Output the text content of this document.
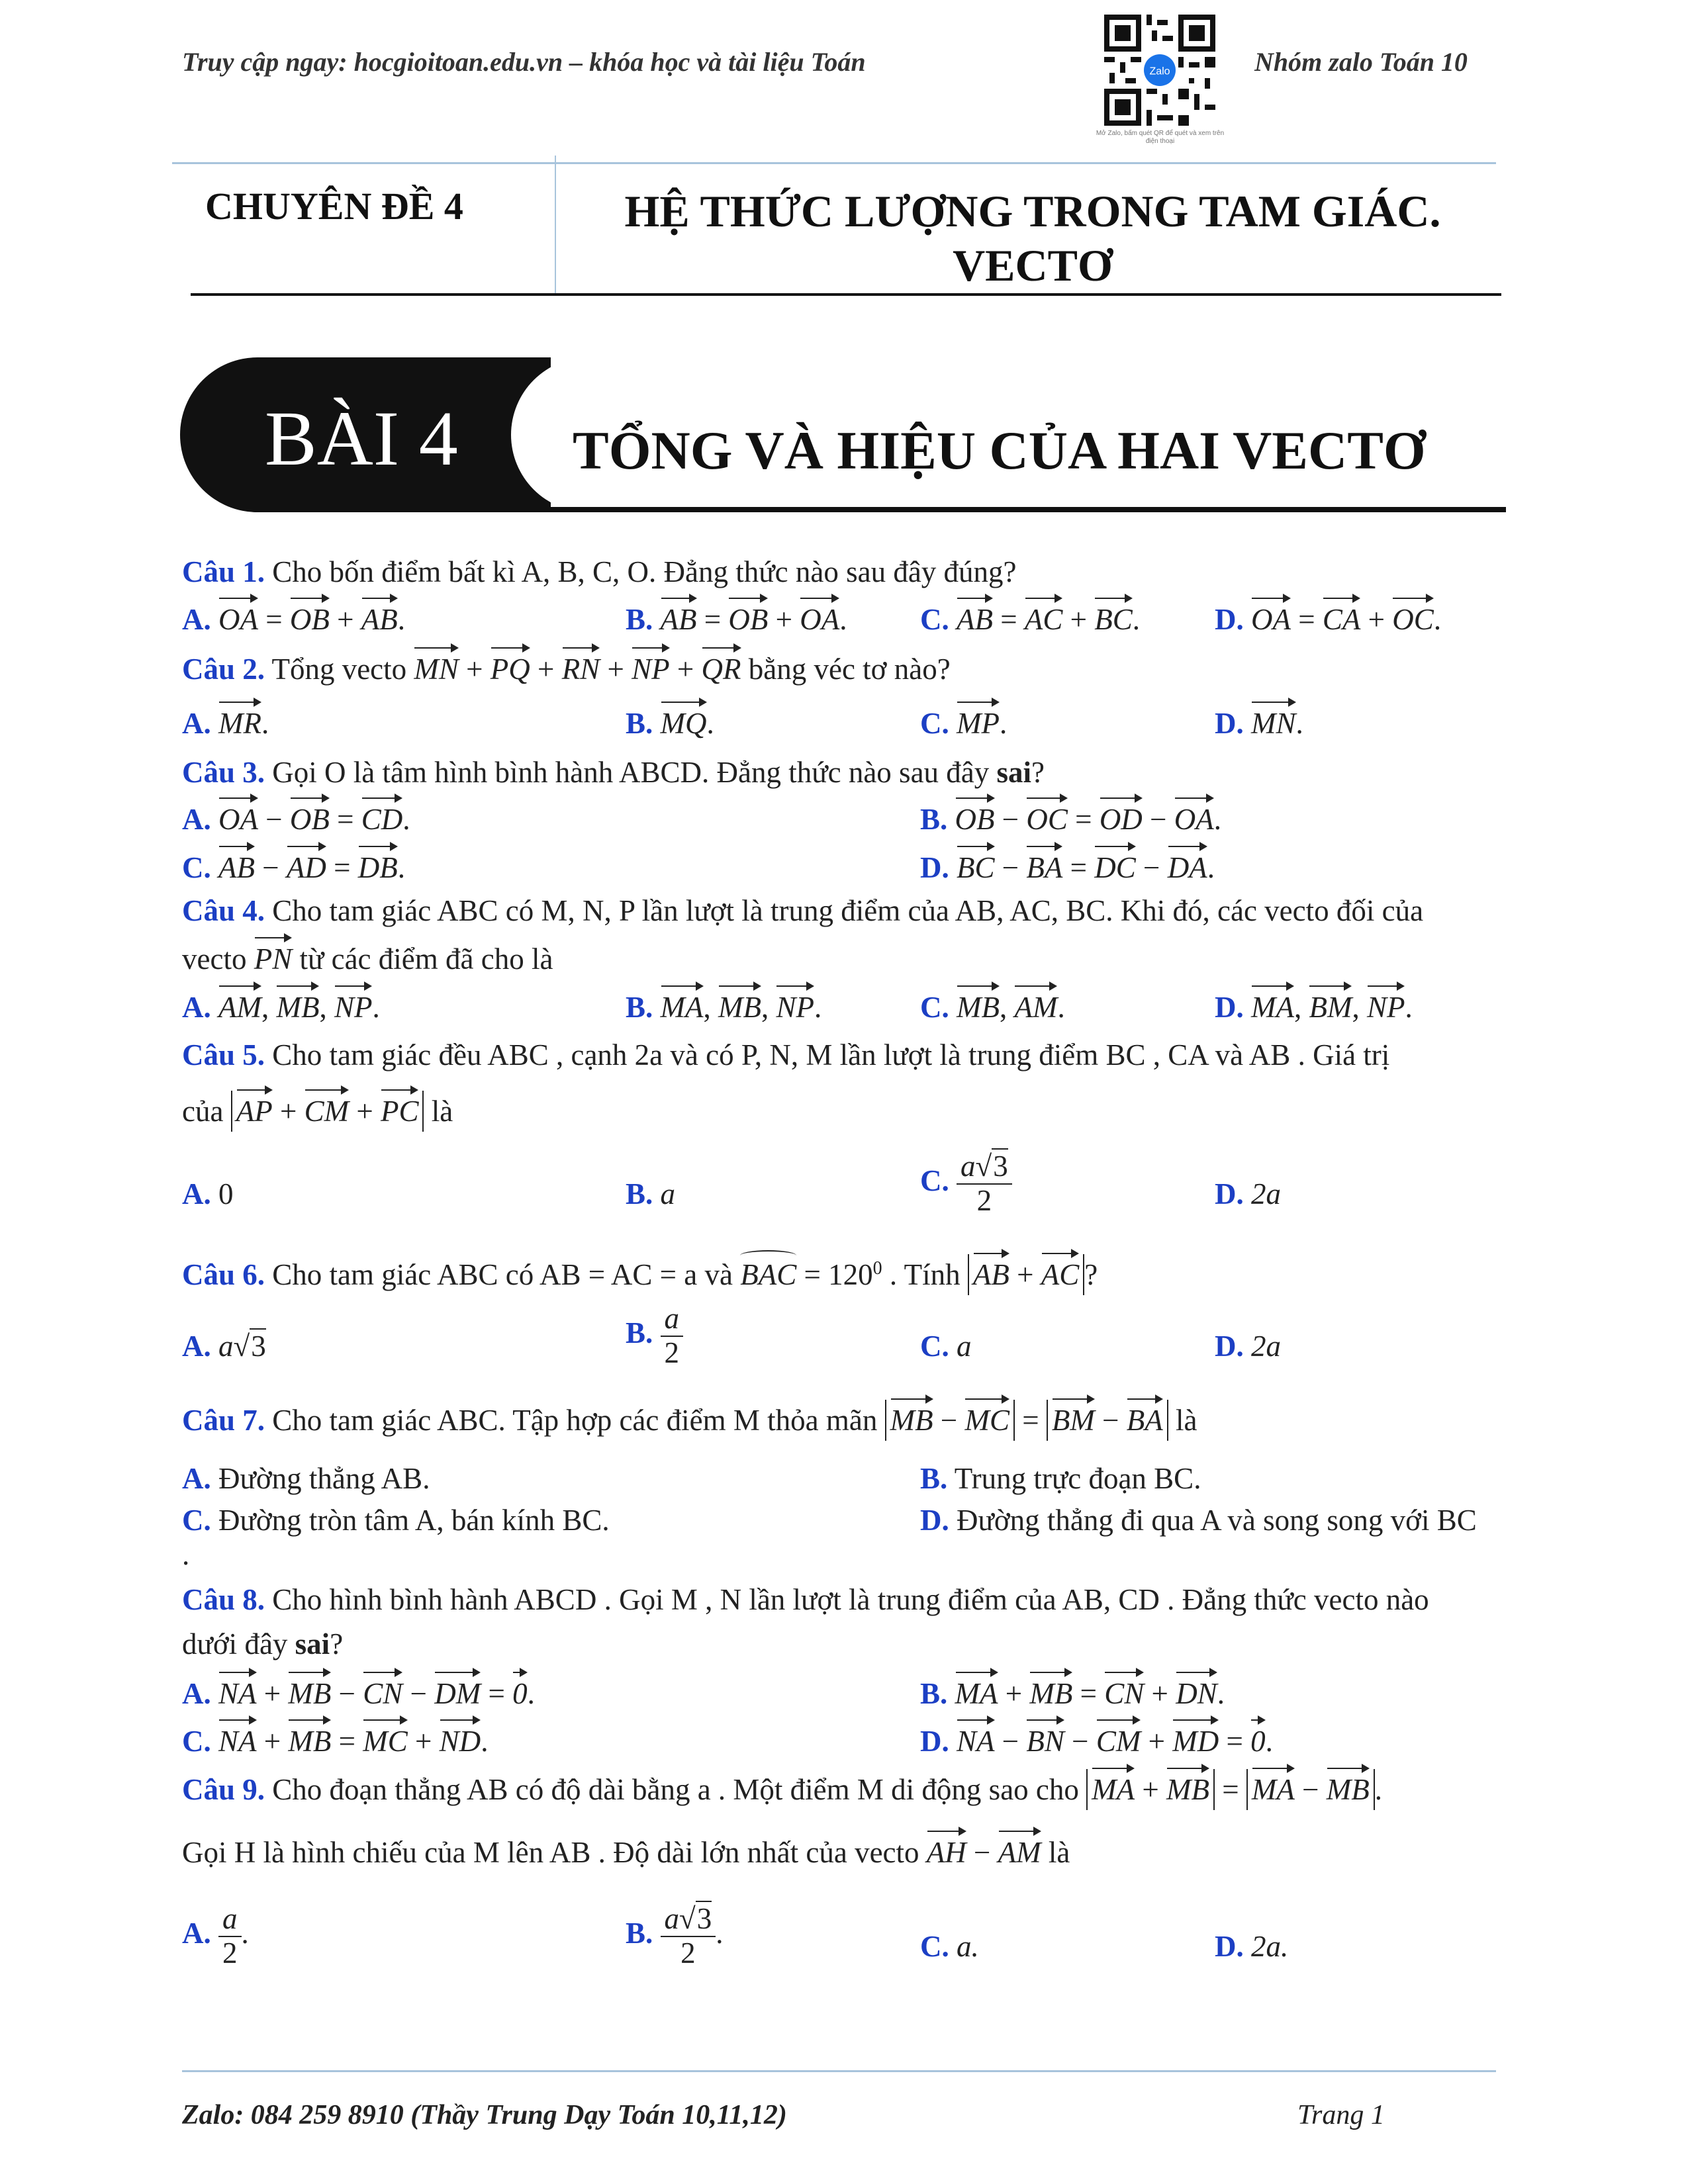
Truy cập ngay: hocgioitoan.edu.vn – khóa học và tài liệu Toán	Zalo
Mở Zalo, bấm quét QR để quét và xem trên điện thoại
Nhóm zalo Toán 10
CHUYÊN ĐỀ 4	HỆ THỨC LƯỢNG TRONG TAM GIÁC.
VECTƠ
BÀI 4 TỔNG VÀ HIỆU CỦA HAI VECTƠ
Câu 1. Cho bốn điểm bất kì A, B, C, O. Đẳng thức nào sau đây đúng?
A. OA = OB + AB.	B. AB = OB + OA. C. AB = AC + BC.	D. OA = CA + OC.
Câu 2. Tổng vecto MN + PQ + RN + NP + QR bằng véc tơ nào?
A. MR.	B. MQ.	C. MP.	D. MN.
Câu 3. Gọi O là tâm hình bình hành ABCD. Đẳng thức nào sau đây sai?
A. OA − OB = CD.	B. OB − OC = OD − OA.
C. AB − AD = DB.	D. BC − BA = DC − DA.
Câu 4. Cho tam giác ABC có M, N, P lần lượt là trung điểm của AB, AC, BC. Khi đó, các vecto đối của
vecto PN từ các điểm đã cho là
A. AM, MB, NP.	B. MA, MB, NP.	C. MB, AM.	D. MA, BM, NP.
Câu 5. Cho tam giác đều ABC , cạnh 2a và có P, N, M lần lượt là trung điểm BC , CA và AB . Giá trị
của AP + CM + PC là
A. 0	B. a	C. $\frac{a√3}{2}$	D. 2a
Câu 6. Cho tam giác ABC có AB = AC = a và BAC = $120^0$ . Tính AB + AC ?
A. a√3	B. $\frac{a}{2}$	C. a	D. 2a
Câu 7. Cho tam giác ABC. Tập hợp các điểm M thỏa mãn MB − MC = BM − BA là
A. Đường thẳng AB.	B. Trung trực đoạn BC.
C. Đường tròn tâm A, bán kính BC.	D. Đường thẳng đi qua A và song song với BC
.
Câu 8. Cho hình bình hành ABCD . Gọi M , N lần lượt là trung điểm của AB, CD . Đẳng thức vecto nào
dưới đây sai?
A. NA + MB − CN − DM = 0.	B. MA + MB = CN + DN.
C. NA + MB = MC + ND.	D. NA − BN − CM + MD = 0.
Câu 9. Cho đoạn thẳng AB có độ dài bằng a . Một điểm M di động sao cho MA + MB = MA − MB .
Gọi H là hình chiếu của M lên AB . Độ dài lớn nhất của vecto AH − AM là
A. $\frac{a}{2}$ .	B. $\frac{a√3}{2}$ .	C. a.	D. 2a.
Zalo: 084 259 8910 (Thầy Trung Dạy Toán 10,11,12)	Trang 1
